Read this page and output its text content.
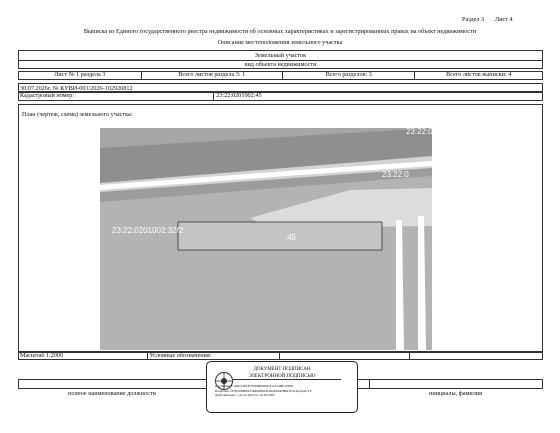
Раздел 3 Лист 4
Выписка из Единого государственного реестра недвижимости об основных характеристиках и зарегистрированных правах на объект недвижимости
Описание местоположения земельного участка
Земельный участок
вид объекта недвижимости
Лист № 1 раздела 3	Всего листов раздела 3: 1	Всего разделов: 3	Всего листов выписки: 4
30.07.2026г. № КУВИ-001/2026-102920812
Кадастровый номер:	23:22:0201002:45
План (чертеж, схема) земельного участка:
23:22:020100
23:22:0
23:22:0201002:32/2
:45
Масштаб 1:2000	Условные обозначения:
полное наименование должности	инициалы, фамилия
ДОКУМЕНТ ПОДПИСАН
ЭЛЕКТРОННОЙ ПОДПИСЬЮ
Сертификат: 00971481879799860939331161488127865
Владелец: ПУБЛИЧНО-ПРАВОВАЯ КОМПАНИЯ РОСКАДАСТР
Действителен: с 24.12.2025 по 19.03.2027
